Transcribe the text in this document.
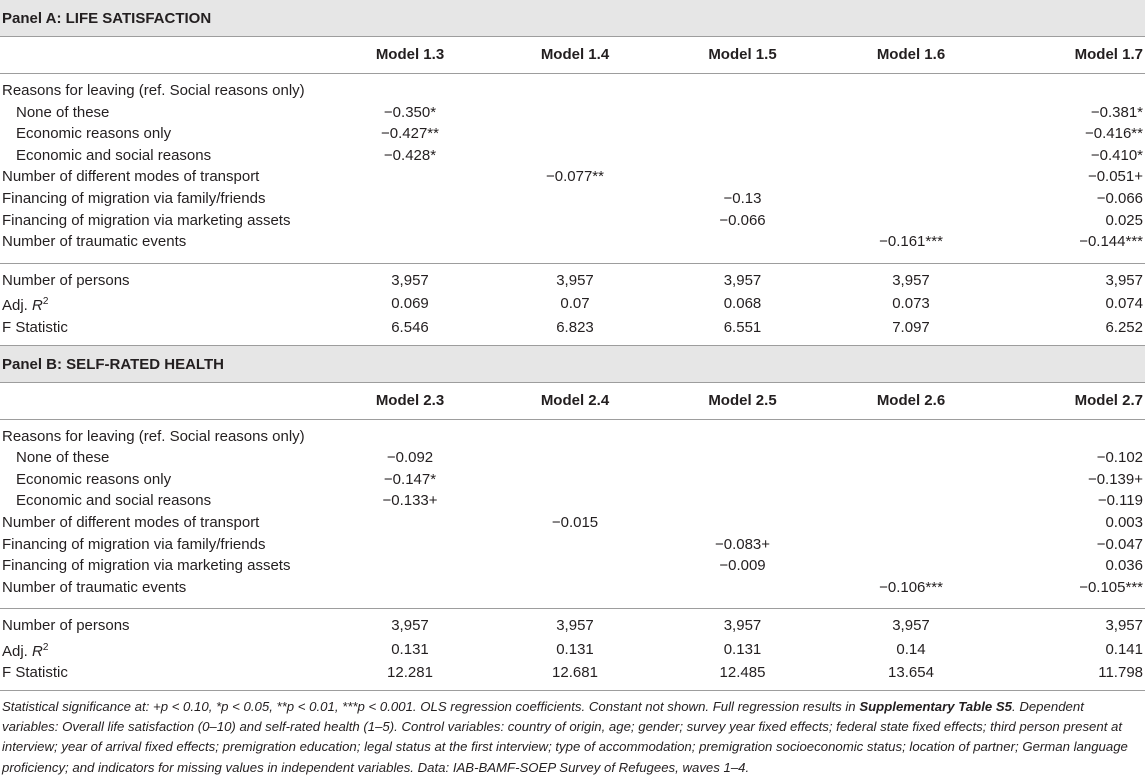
Panel A: LIFE SATISFACTION
	Model 1.3	Model 1.4	Model 1.5	Model 1.6	Model 1.7
Reasons for leaving (ref. Social reasons only)					
None of these	−0.350*				−0.381*
Economic reasons only	−0.427**				−0.416**
Economic and social reasons	−0.428*				−0.410*
Number of different modes of transport		−0.077**			−0.051+
Financing of migration via family/friends			−0.13		−0.066
Financing of migration via marketing assets			−0.066		0.025
Number of traumatic events				−0.161***	−0.144***

Number of persons	3,957	3,957	3,957	3,957	3,957
Adj. $R^2$	0.069	0.07	0.068	0.073	0.074
F Statistic	6.546	6.823	6.551	7.097	6.252
Panel B: SELF-RATED HEALTH
	Model 2.3	Model 2.4	Model 2.5	Model 2.6	Model 2.7
Reasons for leaving (ref. Social reasons only)					
None of these	−0.092				−0.102
Economic reasons only	−0.147*				−0.139+
Economic and social reasons	−0.133+				−0.119
Number of different modes of transport		−0.015			0.003
Financing of migration via family/friends			−0.083+		−0.047
Financing of migration via marketing assets			−0.009		0.036
Number of traumatic events				−0.106***	−0.105***

Number of persons	3,957	3,957	3,957	3,957	3,957
Adj. $R^2$	0.131	0.131	0.131	0.14	0.141
F Statistic	12.281	12.681	12.485	13.654	11.798
Statistical significance at: +p < 0.10, *p < 0.05, **p < 0.01, ***p < 0.001. OLS regression coefficients. Constant not shown. Full regression results in Supplementary Table S5. Dependent variables: Overall life satisfaction (0–10) and self-rated health (1–5). Control variables: country of origin, age; gender; survey year fixed effects; federal state fixed effects; third person present at interview; year of arrival fixed effects; premigration education; legal status at the first interview; type of accommodation; premigration socioeconomic status; location of partner; German language proficiency; and indicators for missing values in independent variables. Data: IAB-BAMF-SOEP Survey of Refugees, waves 1–4.
